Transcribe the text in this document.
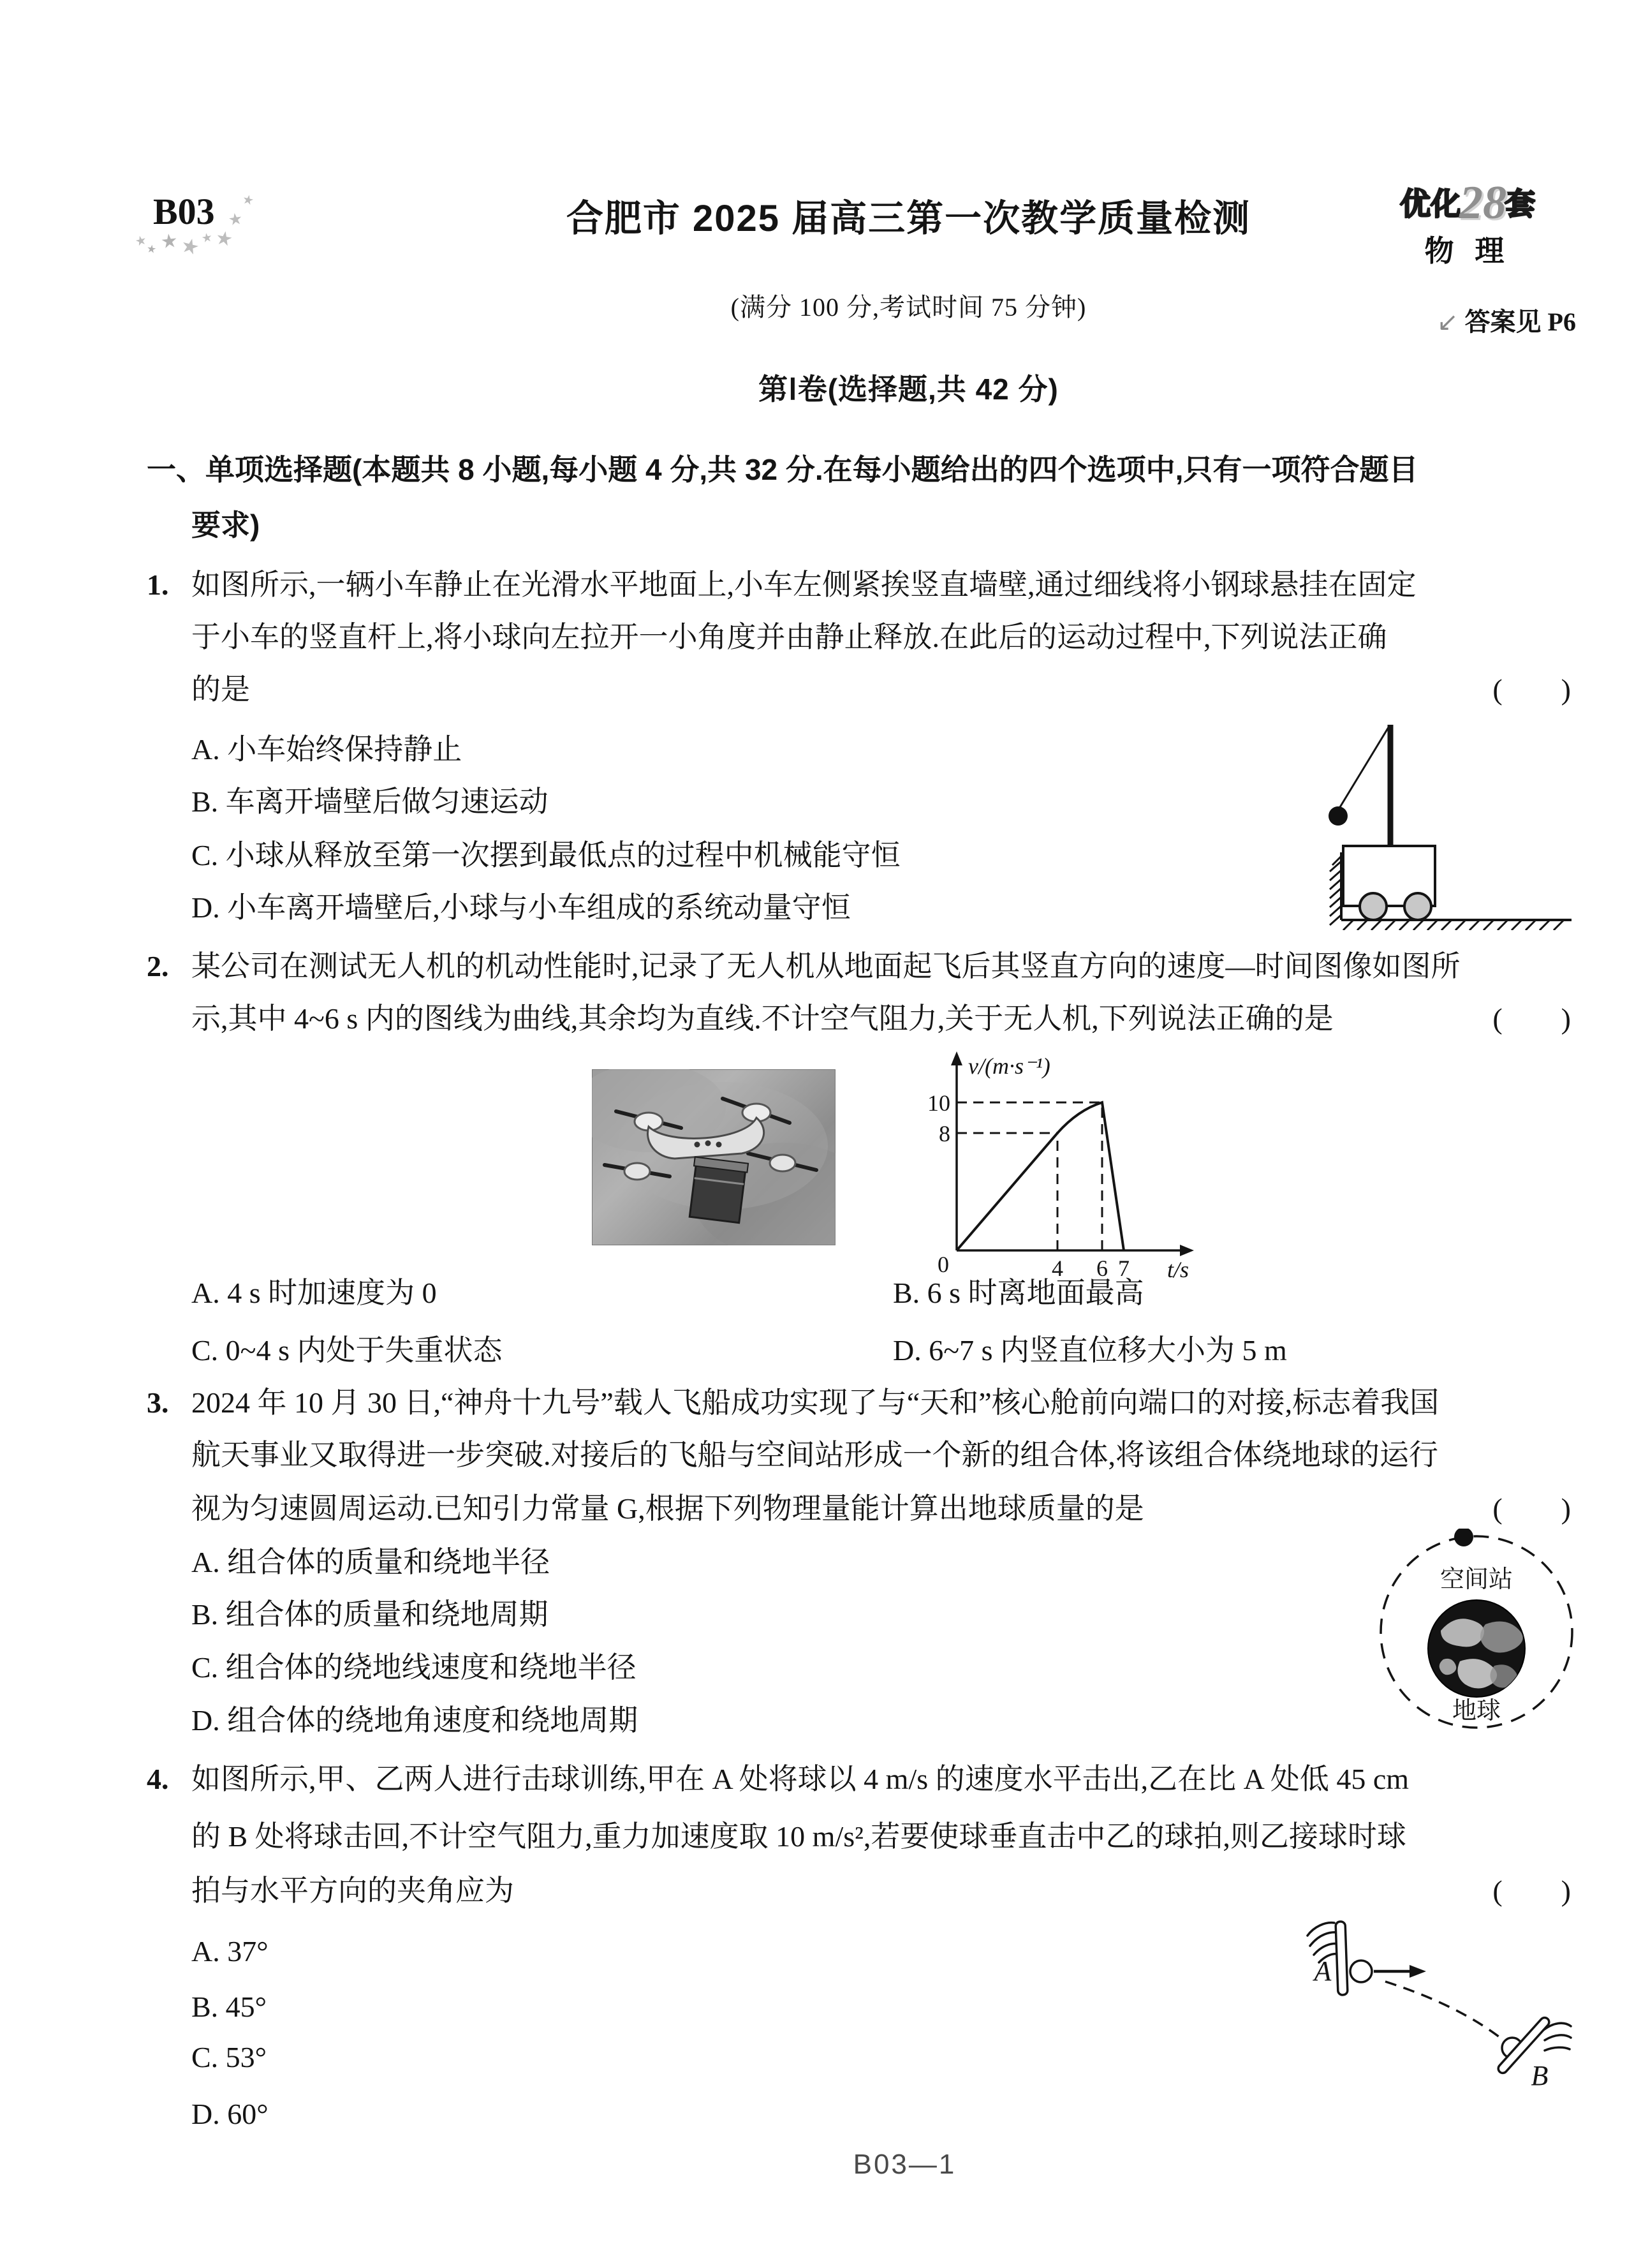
B03 ★
★
★
★
★ ★ ★
★	合肥市 2025 届高三第一次教学质量检测	优化28套
物 理
↙ 答案见 P6
(满分 100 分,考试时间 75 分钟)
第Ⅰ卷(选择题,共 42 分)
一、单项选择题(本题共 8 小题,每小题 4 分,共 32 分.在每小题给出的四个选项中,只有一项符合题目
要求)
1. 如图所示,一辆小车静止在光滑水平地面上,小车左侧紧挨竖直墙壁,通过细线将小钢球悬挂在固定
于小车的竖直杆上,将小球向左拉开一小角度并由静止释放.在此后的运动过程中,下列说法正确
的是	(        )
A. 小车始终保持静止
B. 车离开墙壁后做匀速运动
C. 小球从释放至第一次摆到最低点的过程中机械能守恒
D. 小车离开墙壁后,小球与小车组成的系统动量守恒
2. 某公司在测试无人机的机动性能时,记录了无人机从地面起飞后其竖直方向的速度—时间图像如图所
示,其中 4~6 s 内的图线为曲线,其余均为直线.不计空气阻力,关于无人机,下列说法正确的是	(        )
A. 4 s 时加速度为 0	B. 6 s 时离地面最高
C. 0~4 s 内处于失重状态	D. 6~7 s 内竖直位移大小为 5 m
3. 2024 年 10 月 30 日,“神舟十九号”载人飞船成功实现了与“天和”核心舱前向端口的对接,标志着我国
航天事业又取得进一步突破.对接后的飞船与空间站形成一个新的组合体,将该组合体绕地球的运行
视为匀速圆周运动.已知引力常量 G,根据下列物理量能计算出地球质量的是	(        )
A. 组合体的质量和绕地半径
B. 组合体的质量和绕地周期
C. 组合体的绕地线速度和绕地半径
D. 组合体的绕地角速度和绕地周期
4. 如图所示,甲、乙两人进行击球训练,甲在 A 处将球以 4 m/s 的速度水平击出,乙在比 A 处低 45 cm
的 B 处将球击回,不计空气阻力,重力加速度取 10 m/s²,若要使球垂直击中乙的球拍,则乙接球时球
拍与水平方向的夹角应为	(        )
A. 37°
B. 45°
C. 53°
D. 60°
v/(m·s⁻¹)
t/s
10
8
0	4 6 7
空间站
地球
A
B
B03—1
